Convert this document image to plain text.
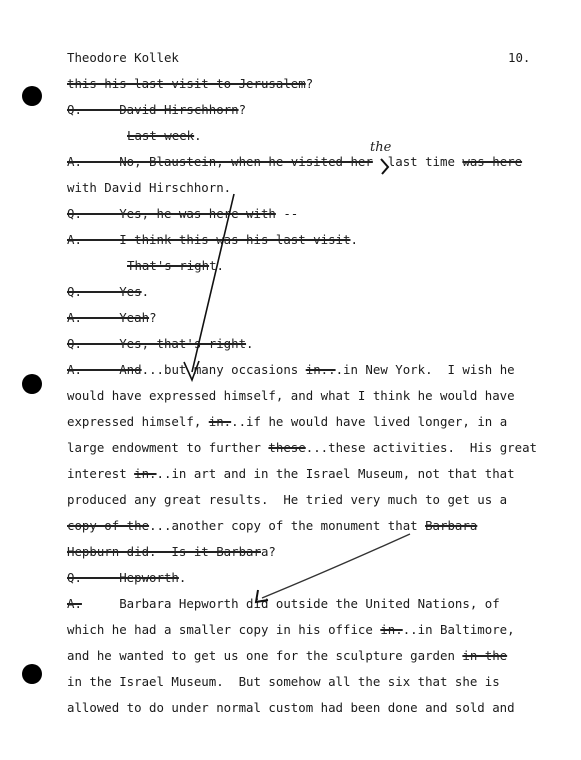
Theodore Kollek	10.
this his last visit to Jerusalem?
Q.     David Hirschhorn?
Last week.
A.     No, Blaustein, when he visited her  last time was here
with David Hirschhorn.
Q.     Yes, he was here with --
A.     I think this was his last visit.
That's right.
Q.     Yes.
A.     Yeah?
Q.     Yes, that's right.
A.     And...but many occasions in...in New York.  I wish he
would have expressed himself, and what I think he would have
expressed himself, in...if he would have lived longer, in a
large endowment to further these...these activities.  His great
interest in...in art and in the Israel Museum, not that that
produced any great results.  He tried very much to get us a
copy of the...another copy of the monument that Barbara
Hepburn did.  Is it Barbara?
Q.     Hepworth.
A.     Barbara Hepworth did outside the United Nations, of
which he had a smaller copy in his office in...in Baltimore,
and he wanted to get us one for the sculpture garden in the
in the Israel Museum.  But somehow all the six that she is
allowed to do under normal custom had been done and sold and
the
